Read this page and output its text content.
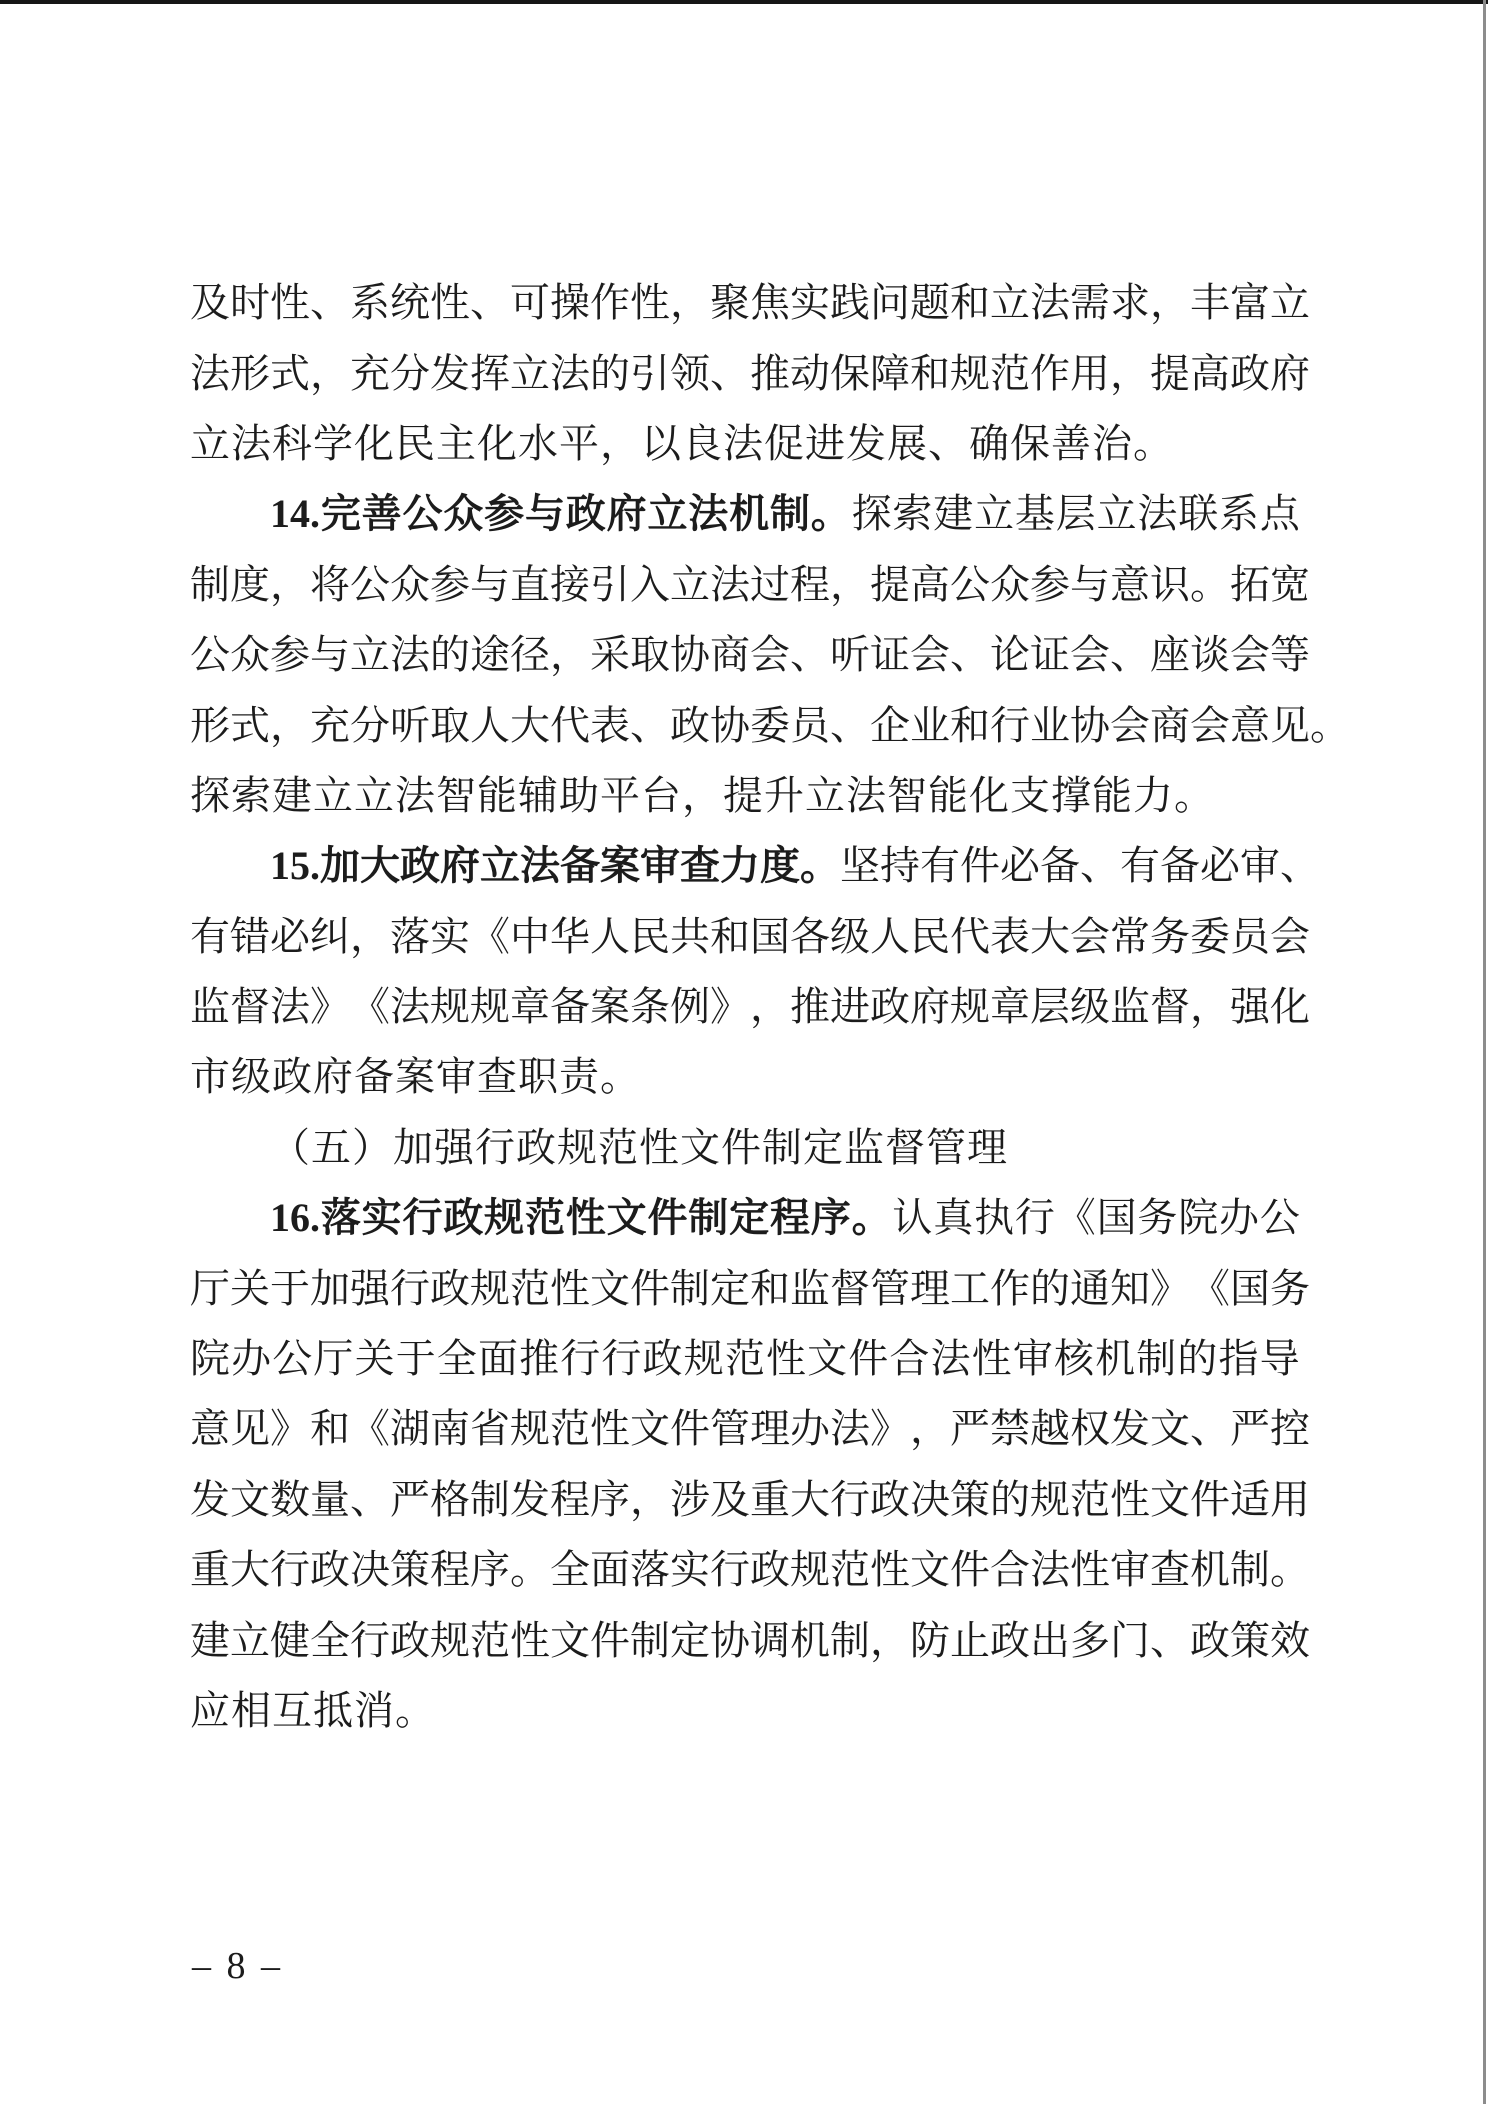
及 时 性 、 系 统 性 、 可 操 作 性 ， 聚 焦 实 践 问 题 和 立 法 需 求 ， 丰 富 立
法 形 式 ， 充 分 发 挥 立 法 的 引 领 、 推 动 保 障 和 规 范 作 用 ， 提 高 政 府
立法科学化民主化水平，以良法促进发展、确保善治。
14. 完 善 公 众 参 与 政 府 立 法 机 制 。 探 索 建 立 基 层 立 法 联 系 点
制 度 ， 将 公 众 参 与 直 接 引 入 立 法 过 程 ， 提 高 公 众 参 与 意 识 。 拓 宽
公 众 参 与 立 法 的 途 径 ， 采 取 协 商 会 、 听 证 会 、 论 证 会 、 座 谈 会 等
形 式 ， 充 分 听 取 人 大 代 表 、 政 协 委 员 、 企 业 和 行 业 协 会 商 会 意 见 。
探索建立立法智能辅助平台，提升立法智能化支撑能力。
15. 加 大 政 府 立 法 备 案 审 查 力 度 。 坚 持 有 件 必 备 、 有 备 必 审 、
有 错 必 纠 ， 落 实 《 中 华 人 民 共 和 国 各 级 人 民 代 表 大 会 常 务 委 员 会
监 督 法 》 《 法 规 规 章 备 案 条 例 》 ， 推 进 政 府 规 章 层 级 监 督 ， 强 化
市级政府备案审查职责。
（五）加强行政规范性文件制定监督管理
16. 落 实 行 政 规 范 性 文 件 制 定 程 序 。 认 真 执 行 《 国 务 院 办 公
厅 关 于 加 强 行 政 规 范 性 文 件 制 定 和 监 督 管 理 工 作 的 通 知 》 《 国 务
院 办 公 厅 关 于 全 面 推 行 行 政 规 范 性 文 件 合 法 性 审 核 机 制 的 指 导
意 见 》 和 《 湖 南 省 规 范 性 文 件 管 理 办 法 》 ， 严 禁 越 权 发 文 、 严 控
发 文 数 量 、 严 格 制 发 程 序 ， 涉 及 重 大 行 政 决 策 的 规 范 性 文 件 适 用
重 大 行 政 决 策 程 序 。 全 面 落 实 行 政 规 范 性 文 件 合 法 性 审 查 机 制 。
建 立 健 全 行 政 规 范 性 文 件 制 定 协 调 机 制 ， 防 止 政 出 多 门 、 政 策 效
应相互抵消。
– 8 –
